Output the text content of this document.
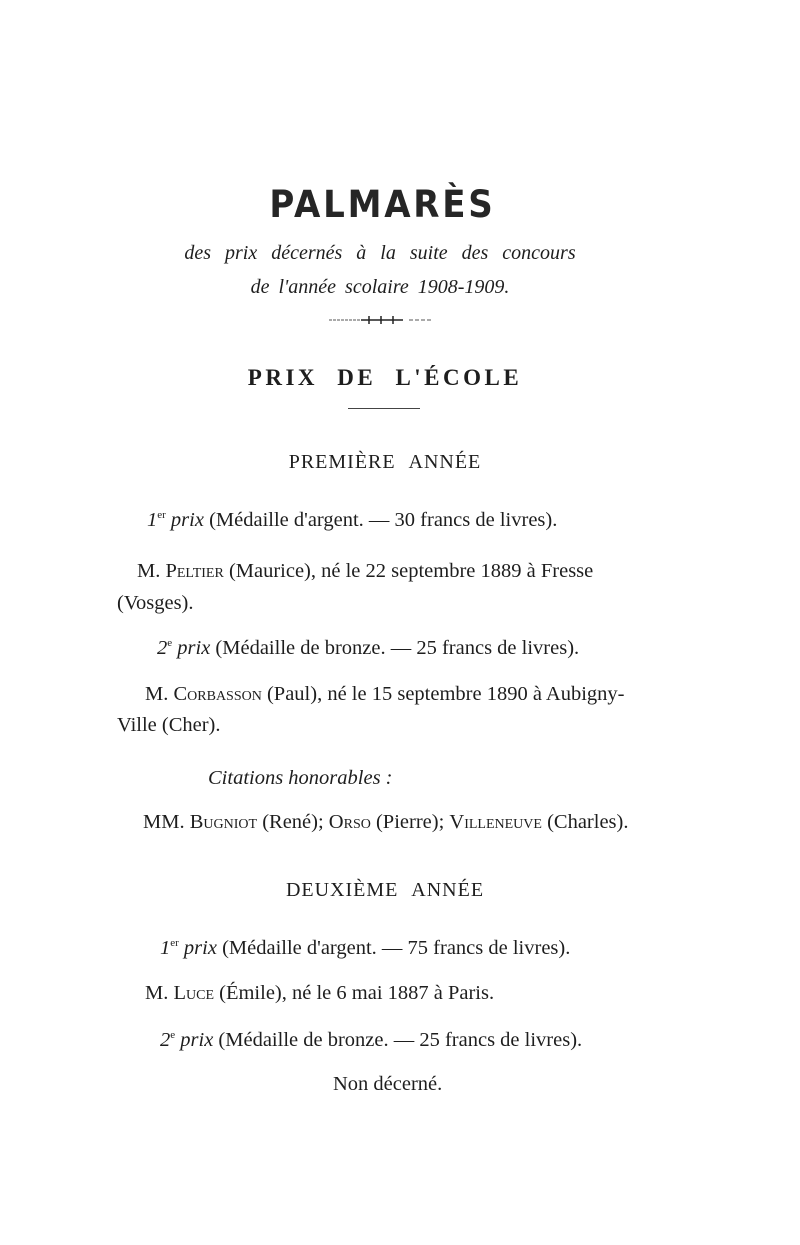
PALMARÈS
des prix décernés à la suite des concours
de l'année scolaire 1908-1909.
PRIX DE L'ÉCOLE
PREMIÈRE ANNÉE
1er prix (Médaille d'argent. — 30 francs de livres).
M. Peltier (Maurice), né le 22 septembre 1889 à Fresse
(Vosges).
2e prix (Médaille de bronze. — 25 francs de livres).
M. Corbasson (Paul), né le 15 septembre 1890 à Aubigny-
Ville (Cher).
Citations honorables :
MM. Bugniot (René); Orso (Pierre); Villeneuve (Charles).
DEUXIÈME ANNÉE
1er prix (Médaille d'argent. — 75 francs de livres).
M. Luce (Émile), né le 6 mai 1887 à Paris.
2e prix (Médaille de bronze. — 25 francs de livres).
Non décerné.
